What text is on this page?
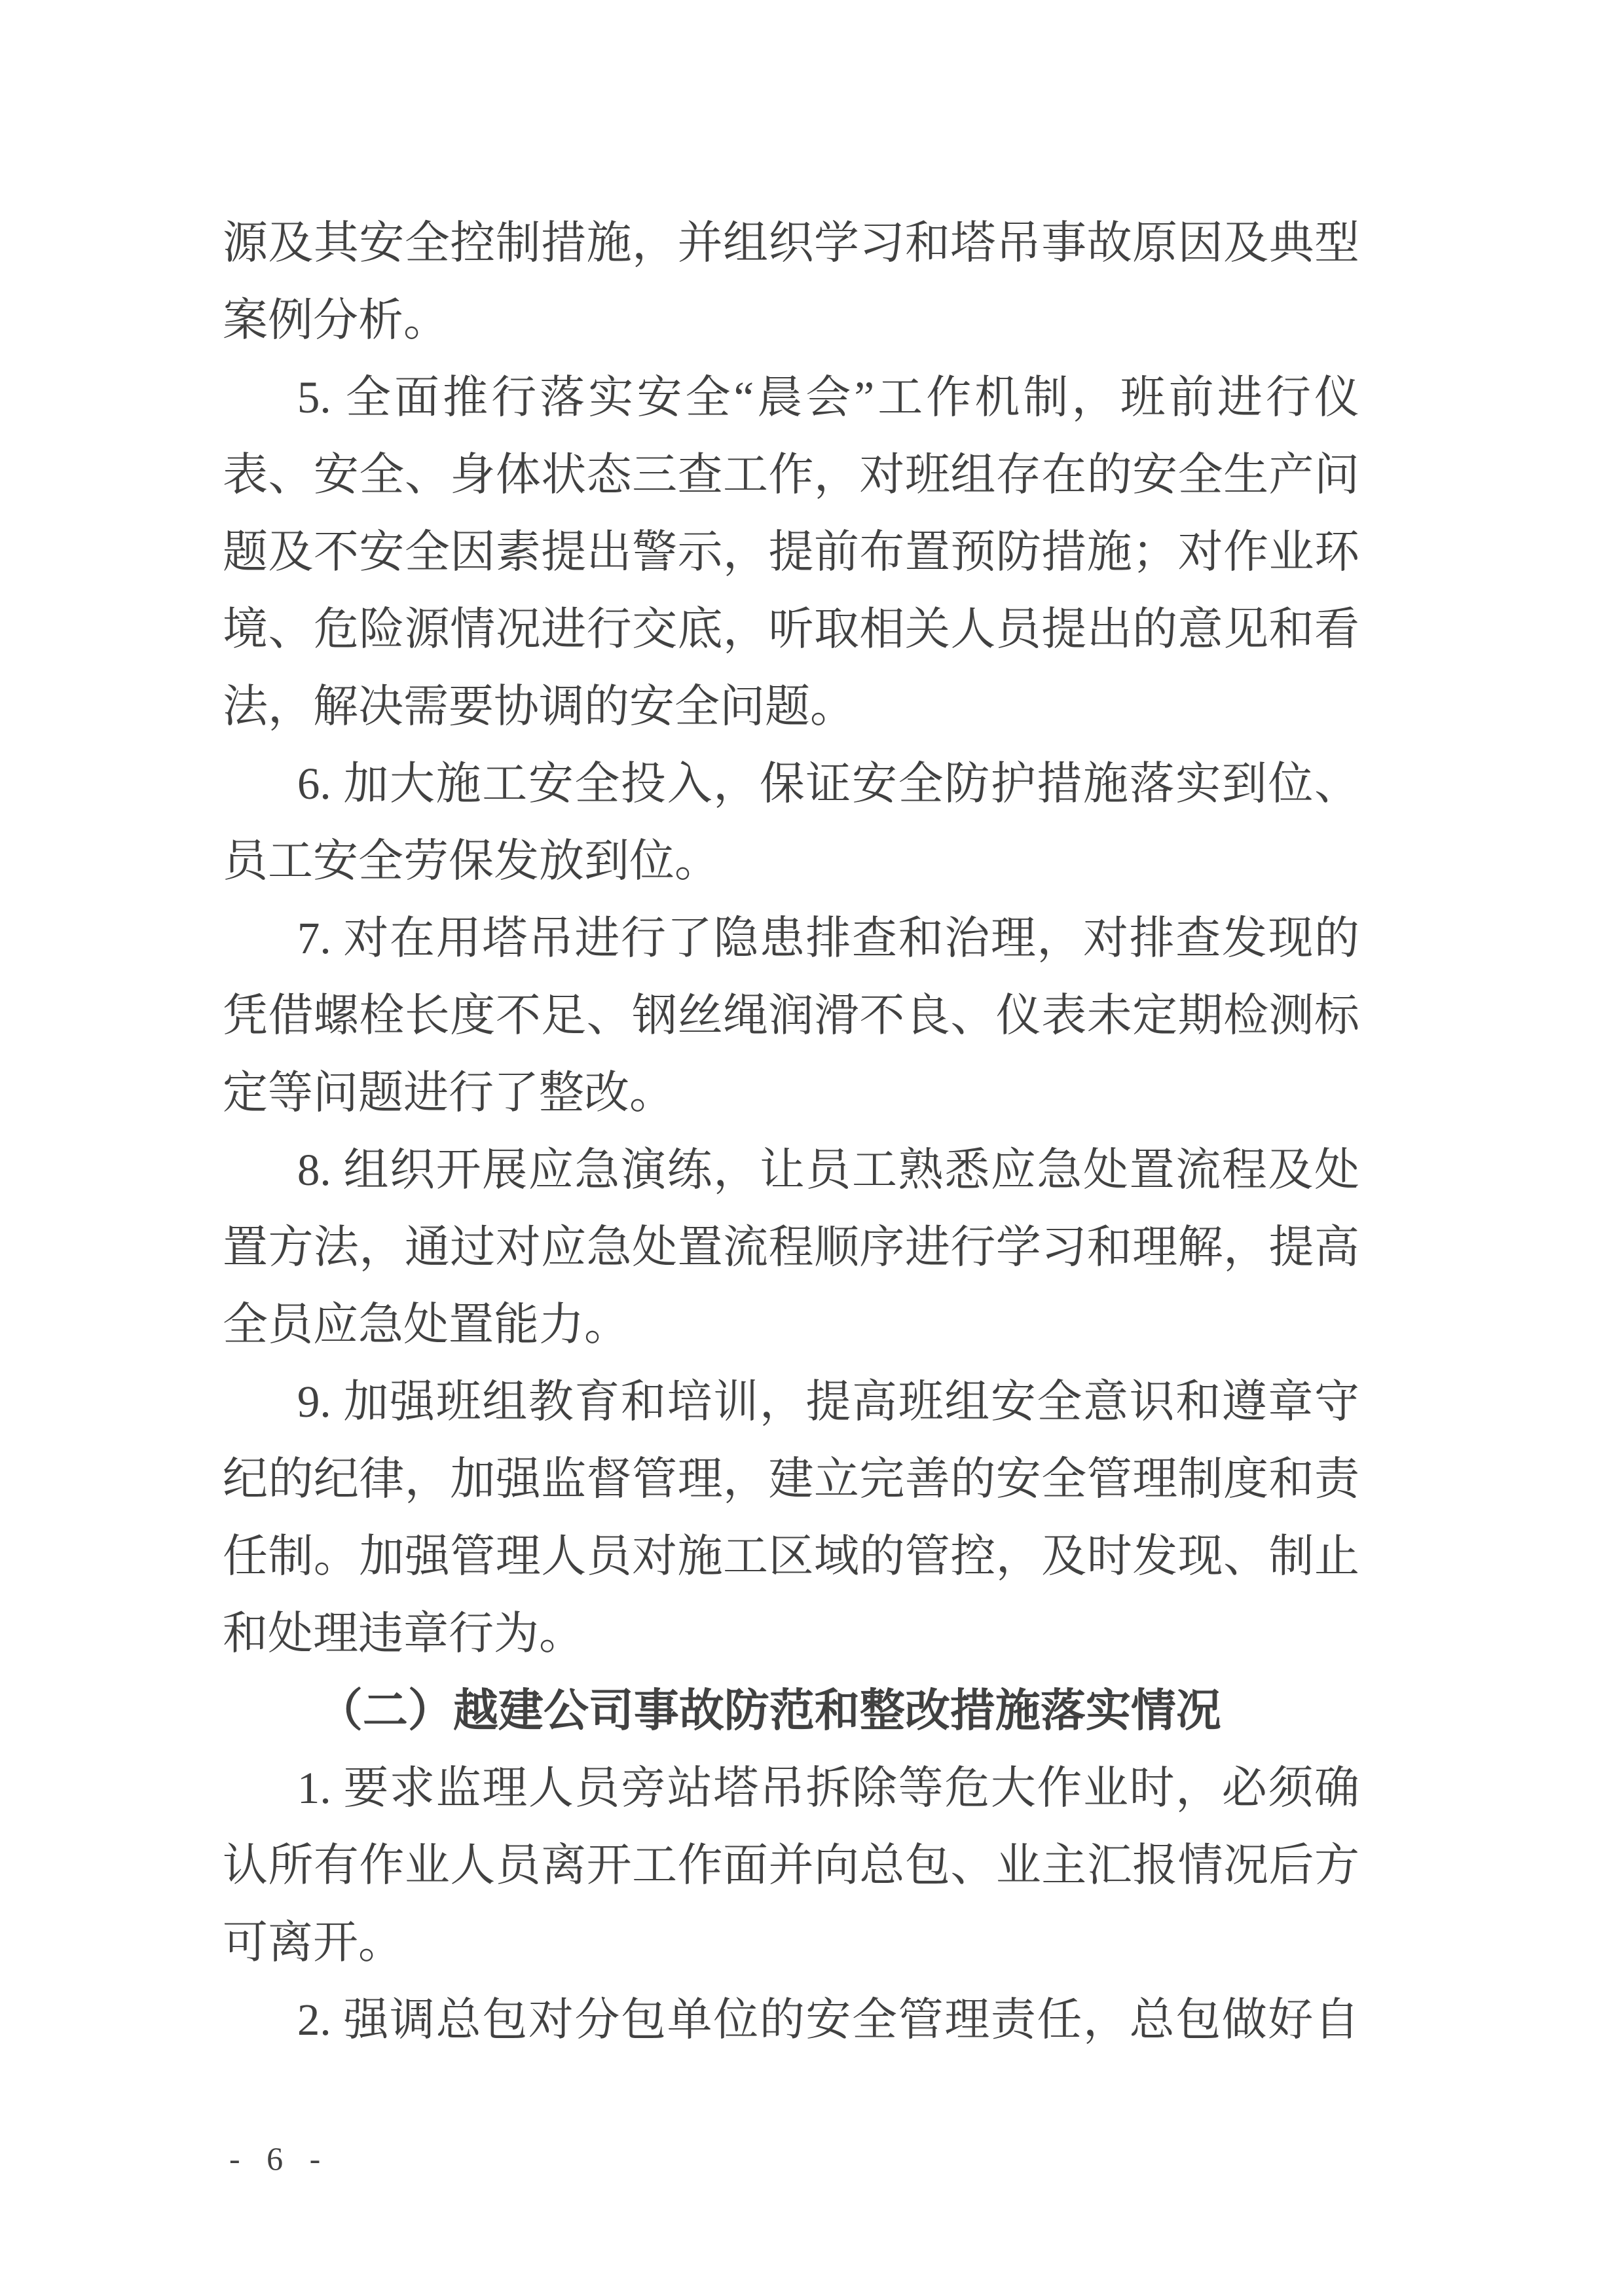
源及其安全控制措施，并组织学习和塔吊事故原因及典型
案例分析。
5. 全面推行落实安全“晨会”工作机制，班前进行仪
表、安全、身体状态三查工作，对班组存在的安全生产问
题及不安全因素提出警示，提前布置预防措施；对作业环
境、危险源情况进行交底，听取相关人员提出的意见和看
法，解决需要协调的安全问题。
6. 加大施工安全投入，保证安全防护措施落实到位、
员工安全劳保发放到位。
7. 对在用塔吊进行了隐患排查和治理，对排查发现的
凭借螺栓长度不足、钢丝绳润滑不良、仪表未定期检测标
定等问题进行了整改。
8. 组织开展应急演练，让员工熟悉应急处置流程及处
置方法，通过对应急处置流程顺序进行学习和理解，提高
全员应急处置能力。
9. 加强班组教育和培训，提高班组安全意识和遵章守
纪的纪律，加强监督管理，建立完善的安全管理制度和责
任制。加强管理人员对施工区域的管控，及时发现、制止
和处理违章行为。
（二）越建公司事故防范和整改措施落实情况
1. 要求监理人员旁站塔吊拆除等危大作业时，必须确
认所有作业人员离开工作面并向总包、业主汇报情况后方
可离开。
2. 强调总包对分包单位的安全管理责任，总包做好自
- 6 -
